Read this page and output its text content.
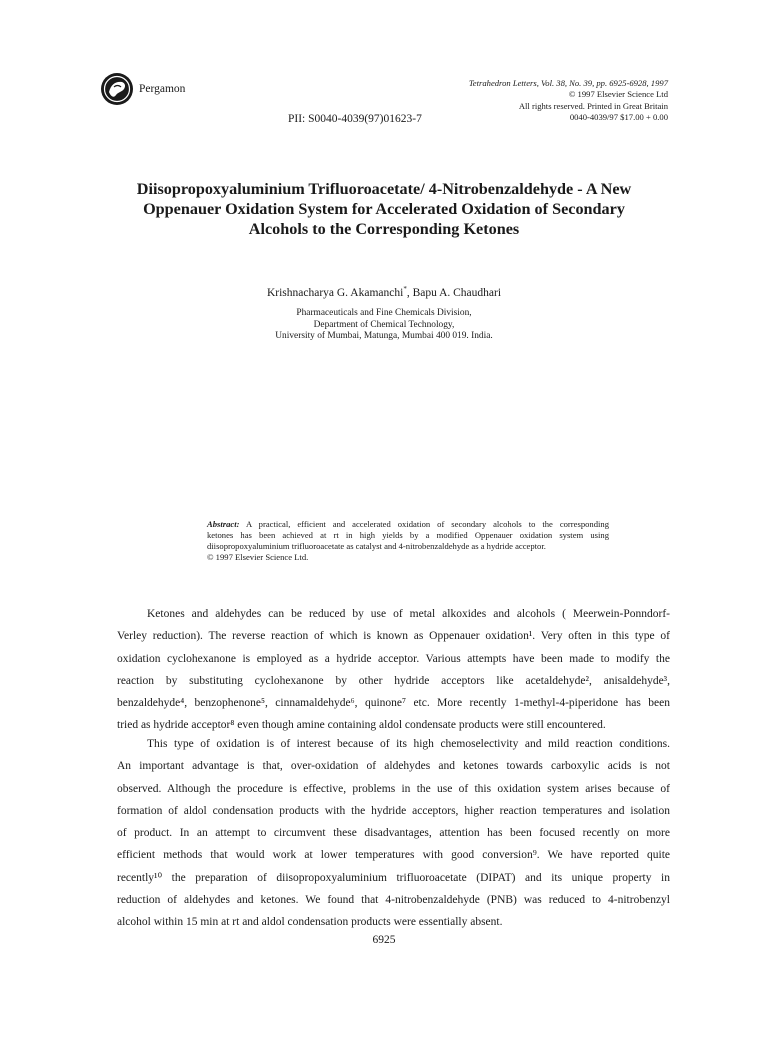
Pergamon	Tetrahedron Letters, Vol. 38, No. 39, pp. 6925-6928, 1997
© 1997 Elsevier Science Ltd
All rights reserved. Printed in Great Britain
0040-4039/97 $17.00 + 0.00
PII: S0040-4039(97)01623-7
Diisopropoxyaluminium Trifluoroacetate/ 4-Nitrobenzaldehyde - A New
Oppenauer Oxidation System for Accelerated Oxidation of Secondary
Alcohols to the Corresponding Ketones
Krishnacharya G. Akamanchi*, Bapu A. Chaudhari
Pharmaceuticals and Fine Chemicals Division,
Department of Chemical Technology,
University of Mumbai, Matunga, Mumbai 400 019. India.
Abstract: A practical, efficient and accelerated oxidation of secondary alcohols to the corresponding
ketones has been achieved at rt in high yields by a modified Oppenauer oxidation system using
diisopropoxyaluminium trifluoroacetate as catalyst and 4-nitrobenzaldehyde as a hydride acceptor.
© 1997 Elsevier Science Ltd.
Ketones and aldehydes can be reduced by use of metal alkoxides and alcohols ( Meerwein-Ponndorf-
Verley reduction). The reverse reaction of which is known as Oppenauer oxidation¹. Very often in this type of
oxidation cyclohexanone is employed as a hydride acceptor. Various attempts have been made to modify the
reaction by substituting cyclohexanone by other hydride acceptors like acetaldehyde², anisaldehyde³,
benzaldehyde⁴, benzophenone⁵, cinnamaldehyde⁶, quinone⁷ etc. More recently 1-methyl-4-piperidone has been
tried as hydride acceptor⁸ even though amine containing aldol condensate products were still encountered.
This type of oxidation is of interest because of its high chemoselectivity and mild reaction conditions.
An important advantage is that, over-oxidation of aldehydes and ketones towards carboxylic acids is not
observed. Although the procedure is effective, problems in the use of this oxidation system arises because of
formation of aldol condensation products with the hydride acceptors, higher reaction temperatures and isolation
of product. In an attempt to circumvent these disadvantages, attention has been focused recently on more
efficient methods that would work at lower temperatures with good conversion⁹. We have reported quite
recently¹⁰ the preparation of diisopropoxyaluminium trifluoroacetate (DIPAT) and its unique property in
reduction of aldehydes and ketones. We found that 4-nitrobenzaldehyde (PNB) was reduced to 4-nitrobenzyl
alcohol within 15 min at rt and aldol condensation products were essentially absent.
6925
